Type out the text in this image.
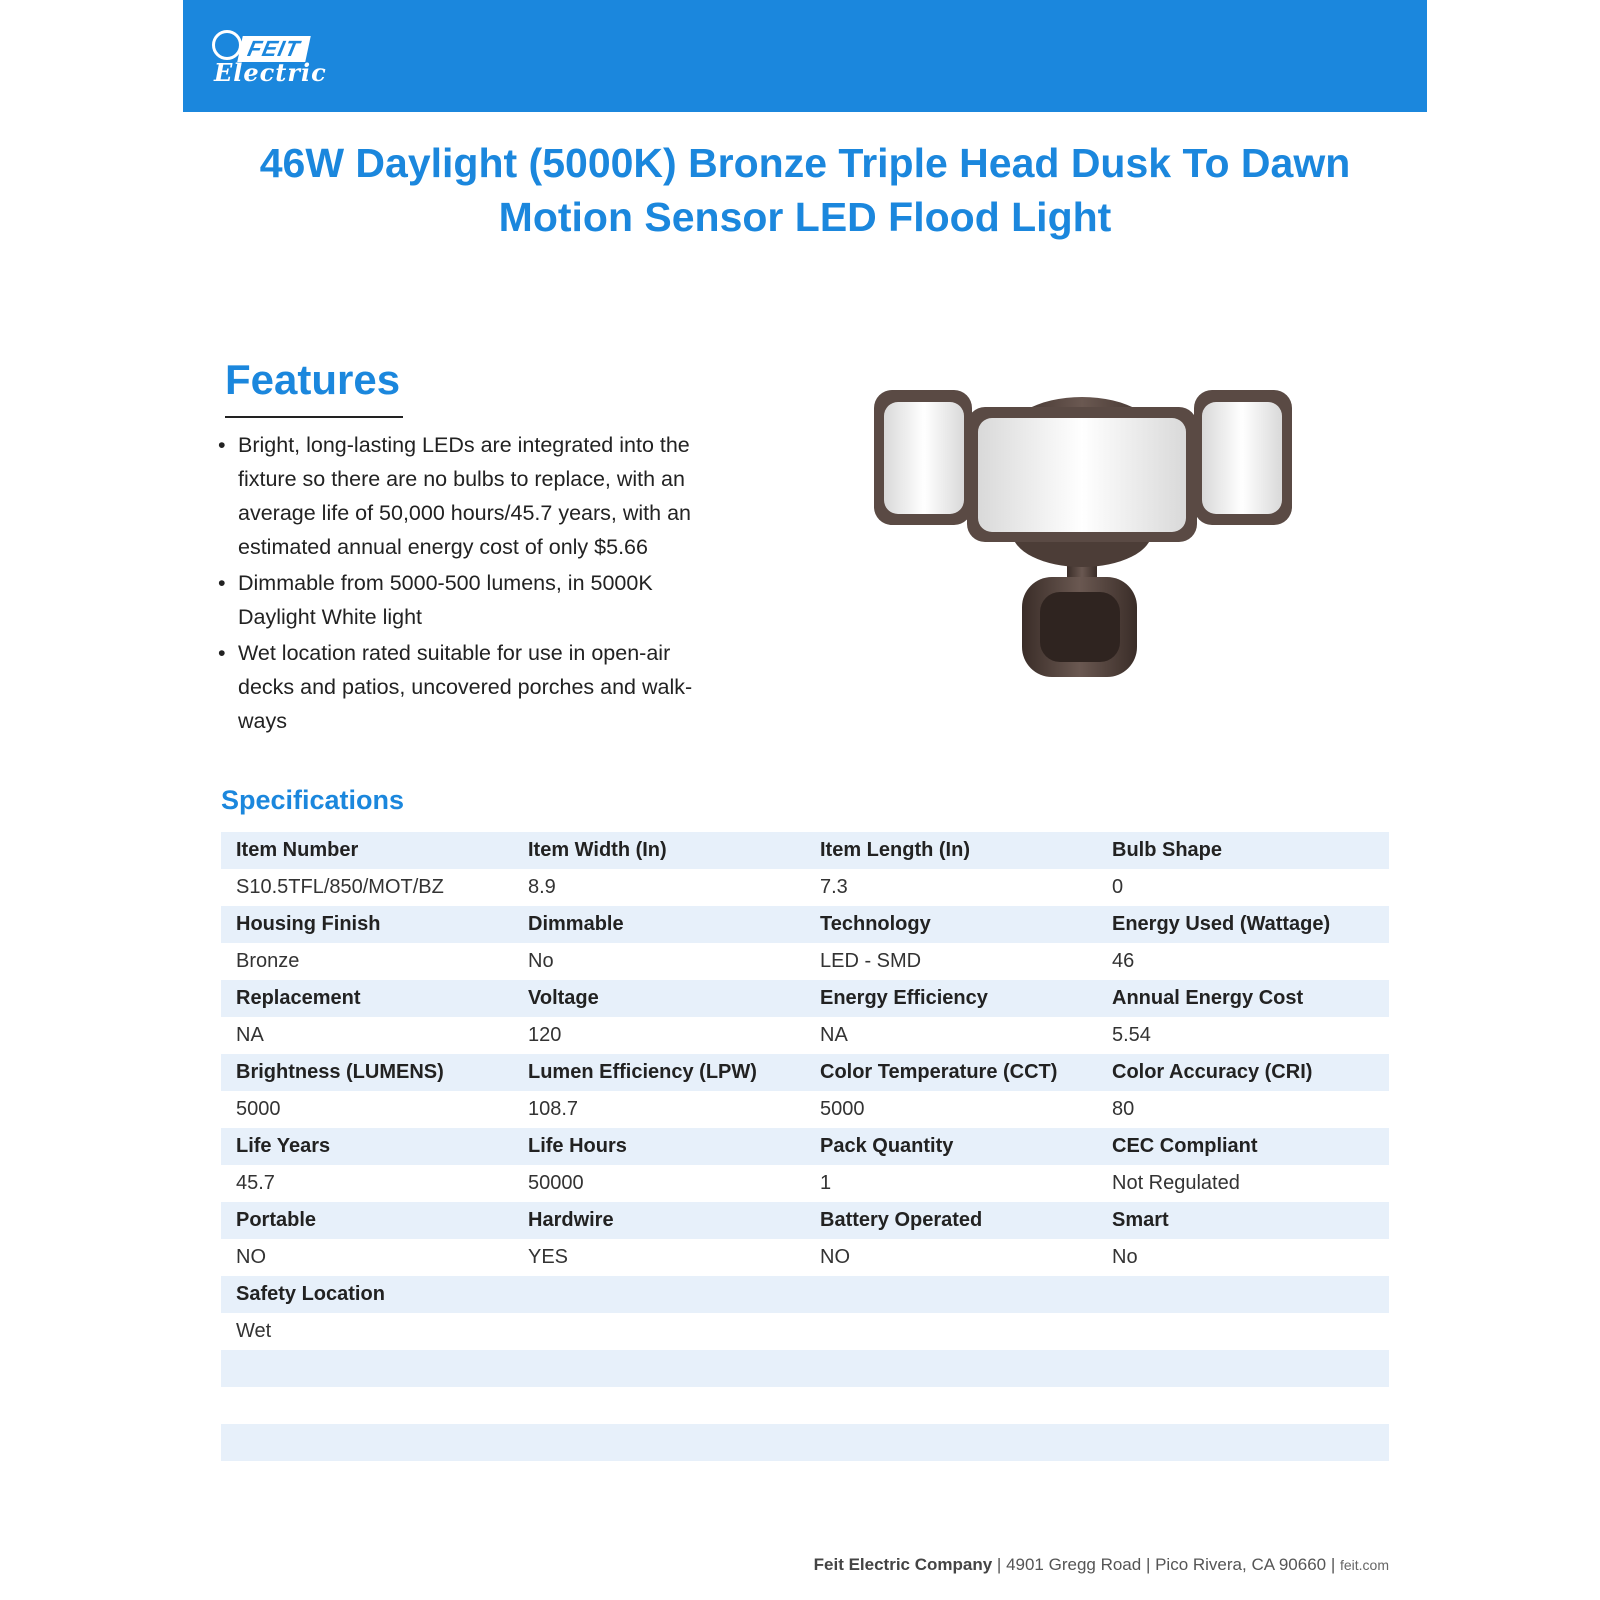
FEIT
Electric
46W Daylight (5000K) Bronze Triple Head Dusk To Dawn
Motion Sensor LED Flood Light
Features
• Bright, long-lasting LEDs are integrated into the fixture so there are no bulbs to replace, with an average life of 50,000 hours/45.7 years, with an estimated annual energy cost of only $5.66
• Dimmable from 5000-500 lumens, in 5000K Daylight White light
• Wet location rated suitable for use in open-air decks and patios, uncovered porches and walk-ways
Specifications
Item Number	Item Width (In)	Item Length (In)	Bulb Shape
S10.5TFL/850/MOT/BZ	8.9	7.3	0
Housing Finish	Dimmable	Technology	Energy Used (Wattage)
Bronze	No	LED - SMD	46
Replacement	Voltage	Energy Efficiency	Annual Energy Cost
NA	120	NA	5.54
Brightness (LUMENS)	Lumen Efficiency (LPW)	Color Temperature (CCT)	Color Accuracy (CRI)
5000	108.7	5000	80
Life Years	Life Hours	Pack Quantity	CEC Compliant
45.7	50000	1	Not Regulated
Portable	Hardwire	Battery Operated	Smart
NO	YES	NO	No
Safety Location
Wet
Feit Electric Company | 4901 Gregg Road | Pico Rivera, CA 90660 | feit.com
